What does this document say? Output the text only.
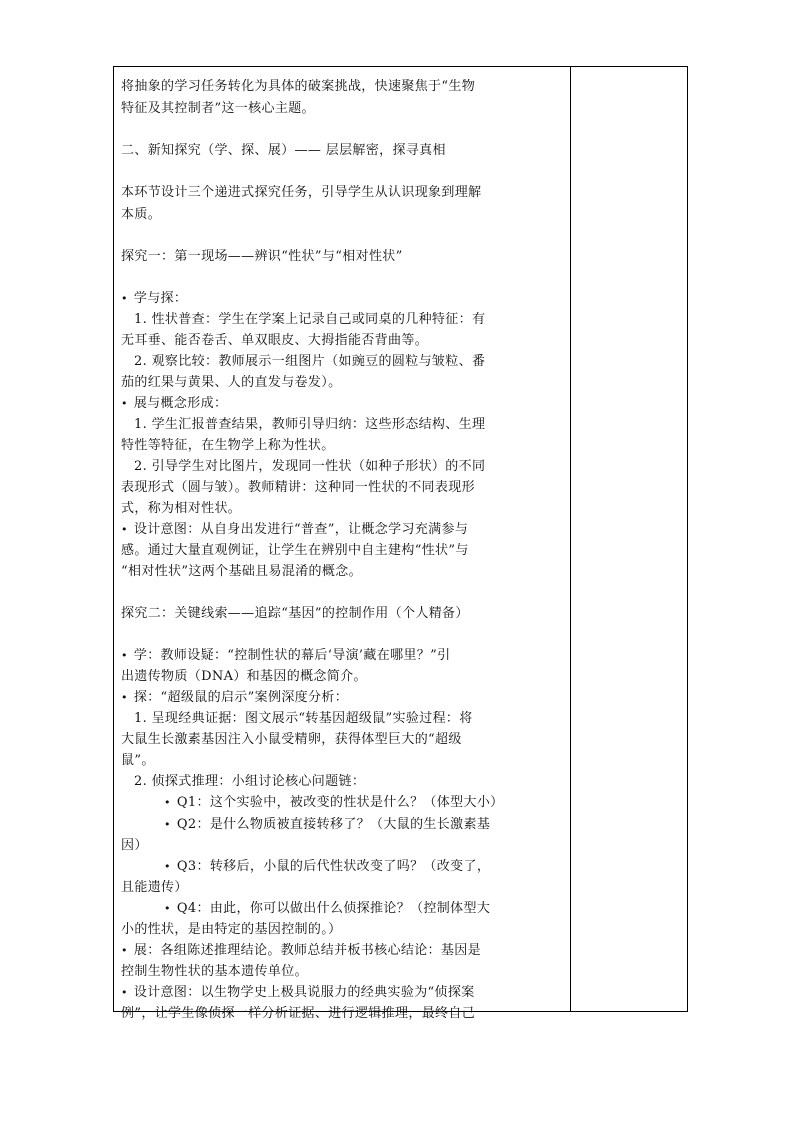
将抽象的学习任务转化为具体的破案挑战，快速聚焦于“生物
特征及其控制者”这一核心主题。
二、新知探究（学、探、展）—— 层层解密，探寻真相
本环节设计三个递进式探究任务，引导学生从认识现象到理解
本质。
探究一：第一现场——辨识“性状”与“相对性状”
• 学与探：
1. 性状普查：学生在学案上记录自己或同桌的几种特征：有
无耳垂、能否卷舌、单双眼皮、大拇指能否背曲等。
2. 观察比较：教师展示一组图片（如豌豆的圆粒与皱粒、番
茄的红果与黄果、人的直发与卷发）。
• 展与概念形成：
1. 学生汇报普查结果，教师引导归纳：这些形态结构、生理
特性等特征，在生物学上称为性状。
2. 引导学生对比图片，发现同一性状（如种子形状）的不同
表现形式（圆与皱）。教师精讲：这种同一性状的不同表现形
式，称为相对性状。
• 设计意图：从自身出发进行“普查”，让概念学习充满参与
感。通过大量直观例证，让学生在辨别中自主建构“性状”与
“相对性状”这两个基础且易混淆的概念。
探究二：关键线索——追踪“基因”的控制作用（个人精备）
• 学：教师设疑：“控制性状的幕后‘导演’藏在哪里？”引
出遗传物质（DNA）和基因的概念简介。
• 探：“超级鼠的启示”案例深度分析：
1. 呈现经典证据：图文展示“转基因超级鼠”实验过程：将
大鼠生长激素基因注入小鼠受精卵，获得体型巨大的“超级
鼠”。
2. 侦探式推理：小组讨论核心问题链：
• Q1：这个实验中，被改变的性状是什么？（体型大小）
• Q2：是什么物质被直接转移了？（大鼠的生长激素基
因）
• Q3：转移后，小鼠的后代性状改变了吗？（改变了，
且能遗传）
• Q4：由此，你可以做出什么侦探推论？（控制体型大
小的性状，是由特定的基因控制的。）
• 展：各组陈述推理结论。教师总结并板书核心结论：基因是
控制生物性状的基本遗传单位。
• 设计意图：以生物学史上极具说服力的经典实验为“侦探案
例”，让学生像侦探一样分析证据、进行逻辑推理，最终自己
